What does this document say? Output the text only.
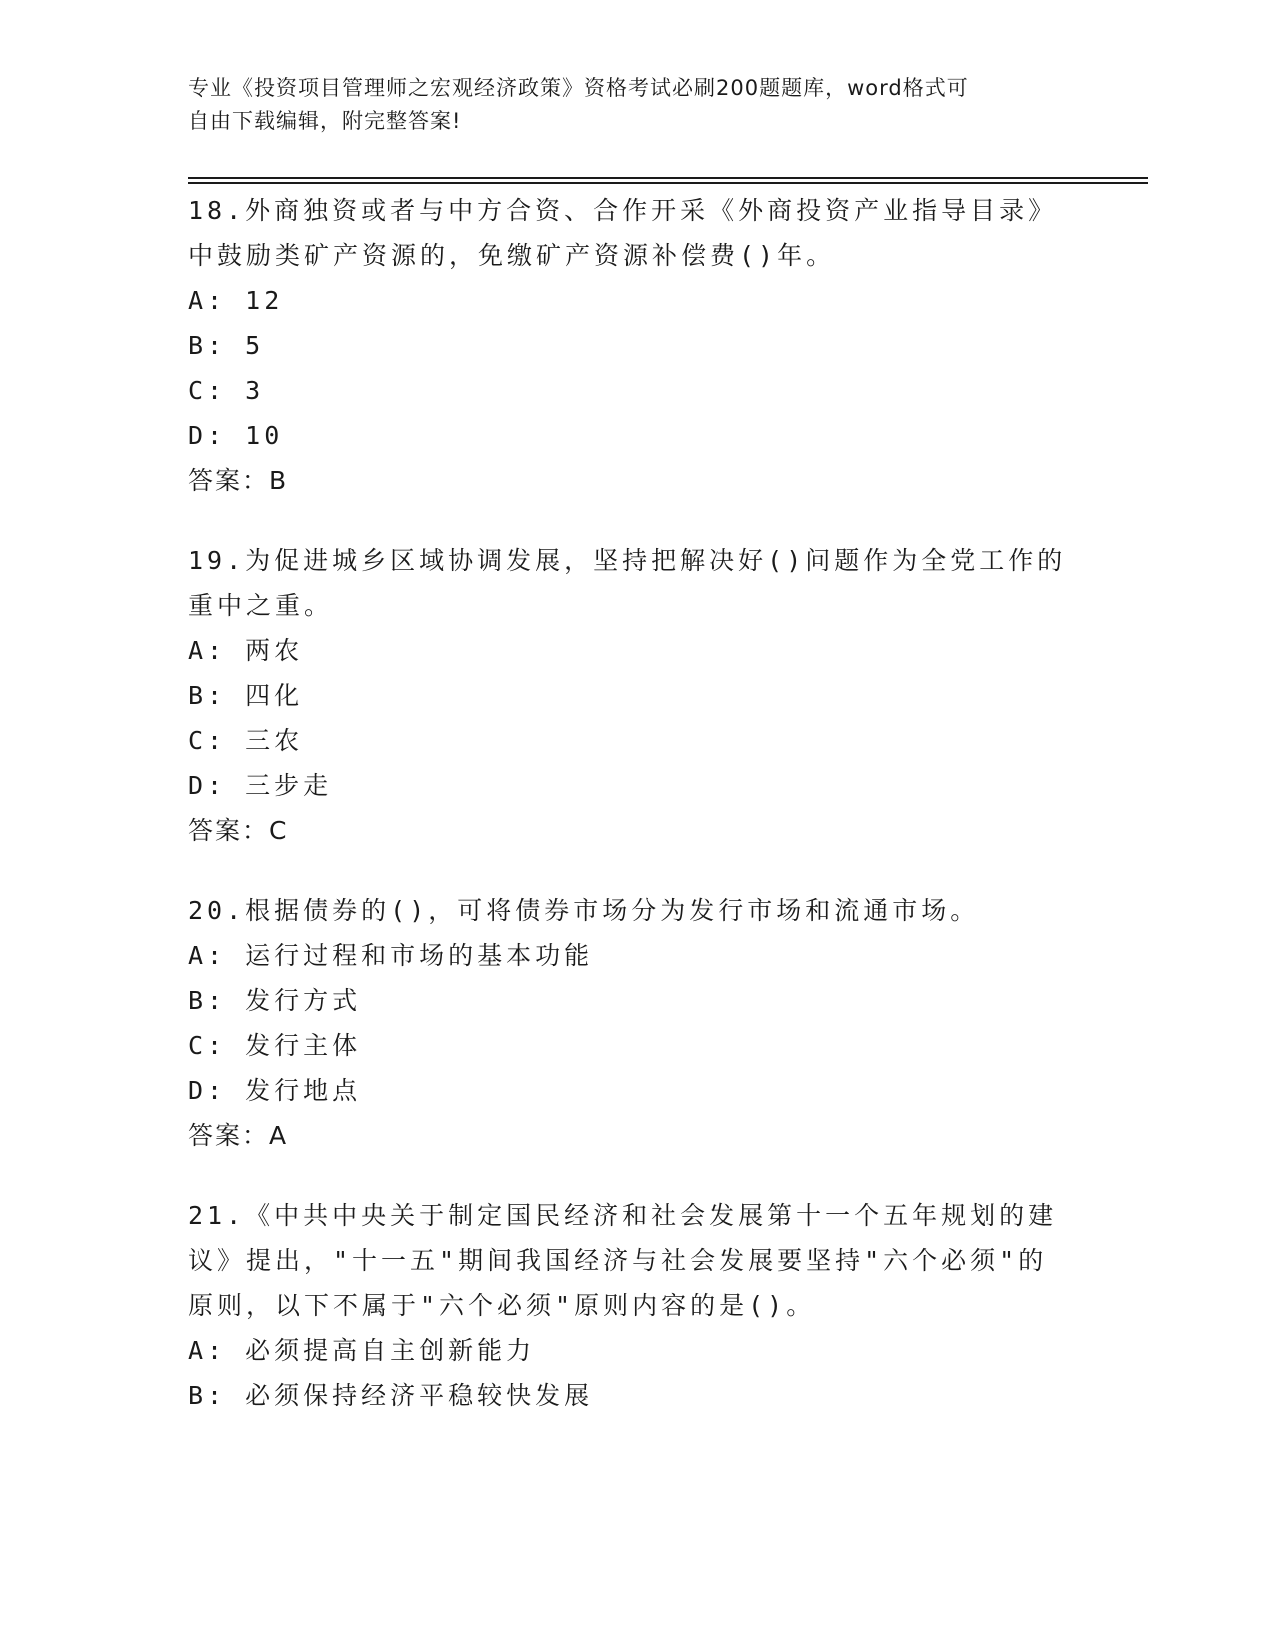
专业《投资项目管理师之宏观经济政策》资格考试必刷200题题库，word格式可
自由下载编辑，附完整答案!

18.外商独资或者与中方合资、合作开采《外商投资产业指导目录》中鼓励类矿产资源的，免缴矿产资源补偿费()年。

A: 12

B: 5

C: 3

D: 10

答案：B

19.为促进城乡区域协调发展，坚持把解决好()问题作为全党工作的重中之重。

A: 两农

B: 四化

C: 三农

D: 三步走

答案：C

20.根据债券的()，可将债券市场分为发行市场和流通市场。

A: 运行过程和市场的基本功能

B: 发行方式

C: 发行主体

D: 发行地点

答案：A

21.《中共中央关于制定国民经济和社会发展第十一个五年规划的建议》提出，"十一五"期间我国经济与社会发展要坚持"六个必须"的原则，以下不属于"六个必须"原则内容的是()。

A: 必须提高自主创新能力

B: 必须保持经济平稳较快发展
